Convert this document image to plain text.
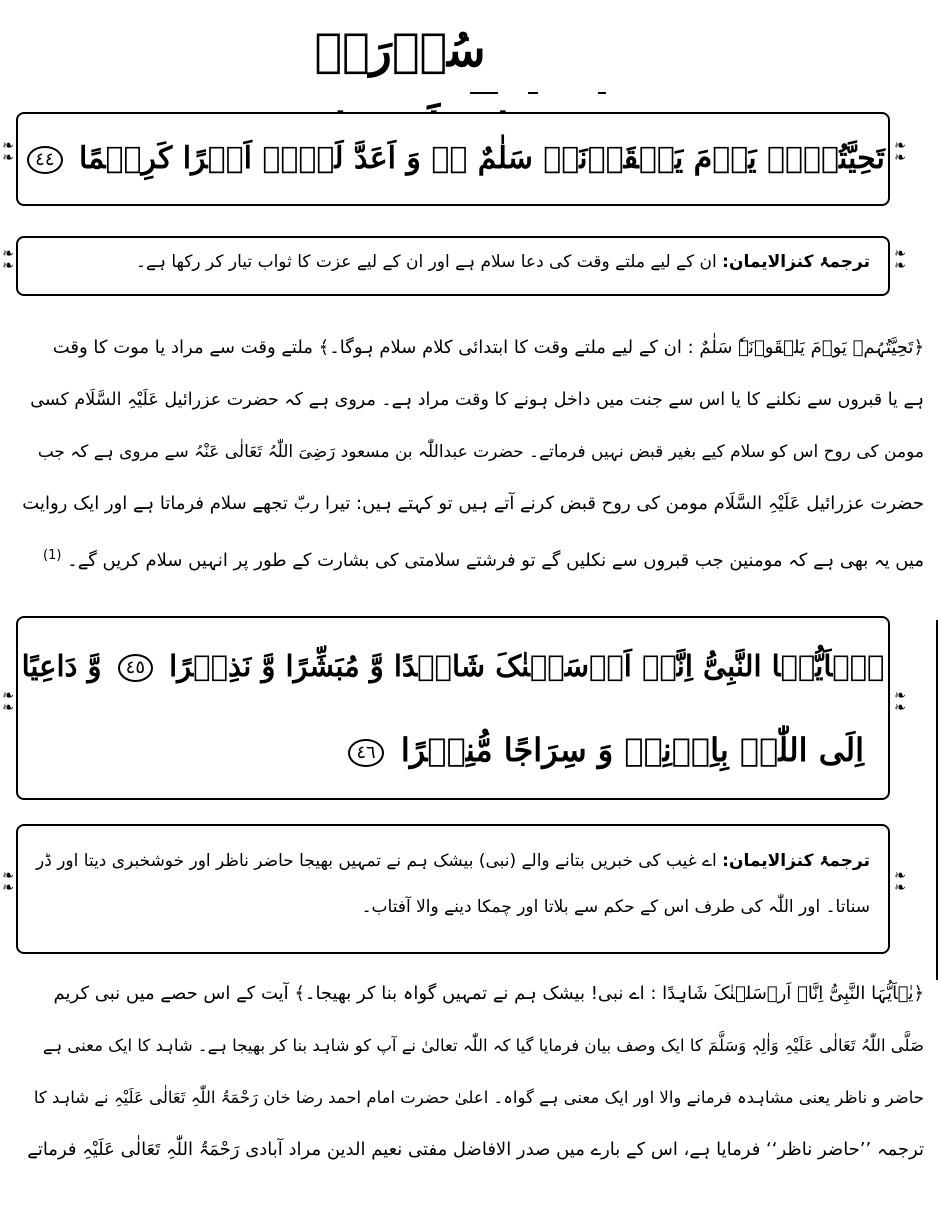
سُوۡرَۃُ
تَحِیَّتُہُمۡ یَوۡمَ یَلۡقَوۡنَہٗ سَلٰمٌ ۚۖ وَ اَعَدَّ لَہُمۡ اَجۡرًا کَرِیۡمًا ٤٤
❧
❧
❧
❧
ترجمۂ کنزالایمان: ان کے لیے ملتے وقت کی دعا سلام ہے اور ان کے لیے عزت کا ثواب تیار کر رکھا ہے۔
❧
❧
❧
❧
﴿تَحِیَّتُہُمۡ یَوۡمَ یَلۡقَوۡنَہٗ سَلٰمٌ : ان کے لیے ملتے وقت کا ابتدائی کلام سلام ہوگا۔﴾ ملتے وقت سے مراد یا موت کا وقت
ہے یا قبروں سے نکلنے کا یا اس سے جنت میں داخل ہونے کا وقت مراد ہے۔ مروی ہے کہ حضرت عزرائیل عَلَیْہِ السَّلَام کسی
مومن کی روح اس کو سلام کیے بغیر قبض نہیں فرماتے۔ حضرت عبداللّٰہ بن مسعود رَضِیَ اللّٰہُ تَعَالٰی عَنْہُ سے مروی ہے کہ جب
حضرت عزرائیل عَلَیْہِ السَّلَام مومن کی روح قبض کرنے آتے ہیں تو کہتے ہیں: تیرا ربّ تجھے سلام فرماتا ہے اور ایک روایت
میں یہ بھی ہے کہ مومنین جب قبروں سے نکلیں گے تو فرشتے سلامتی کی بشارت کے طور پر انہیں سلام کریں گے۔ $^{(1)}$
یٰۤاَیُّہَا النَّبِیُّ اِنَّاۤ اَرۡسَلۡنٰکَ شَاہِدًا وَّ مُبَشِّرًا وَّ نَذِیۡرًا ٤٥ وَّ دَاعِیًا
اِلَی اللّٰہِ بِاِذۡنِہٖ وَ سِرَاجًا مُّنِیۡرًا ٤٦
❧
❧
❧
❧
ترجمۂ کنزالایمان: اے غیب کی خبریں بتانے والے (نبی) بیشک ہم نے تمہیں بھیجا حاضر ناظر اور خوشخبری دیتا اور ڈر
سناتا۔ اور اللّٰہ کی طرف اس کے حکم سے بلاتا اور چمکا دینے والا آفتاب۔
❧
❧
❧
❧
﴿یٰۤاَیُّہَا النَّبِیُّ اِنَّاۤ اَرۡسَلۡنٰکَ شَاہِدًا : اے نبی! بیشک ہم نے تمہیں گواہ بنا کر بھیجا۔﴾ آیت کے اس حصے میں نبی کریم
صَلَّی اللّٰہُ تَعَالٰی عَلَیْہِ وَاٰلِہٖ وَسَلَّمَ کا ایک وصف بیان فرمایا گیا کہ اللّٰہ تعالیٰ نے آپ کو شاہد بنا کر بھیجا ہے۔ شاہد کا ایک معنی ہے
حاضر و ناظر یعنی مشاہدہ فرمانے والا اور ایک معنی ہے گواہ۔ اعلیٰ حضرت امام احمد رضا خان رَحْمَۃُ اللّٰہِ تَعَالٰی عَلَیْہِ نے شاہد کا
ترجمہ ’’حاضر ناظر‘‘ فرمایا ہے، اس کے بارے میں صدر الافاضل مفتی نعیم الدین مراد آبادی رَحْمَۃُ اللّٰہِ تَعَالٰی عَلَیْہِ فرماتے
